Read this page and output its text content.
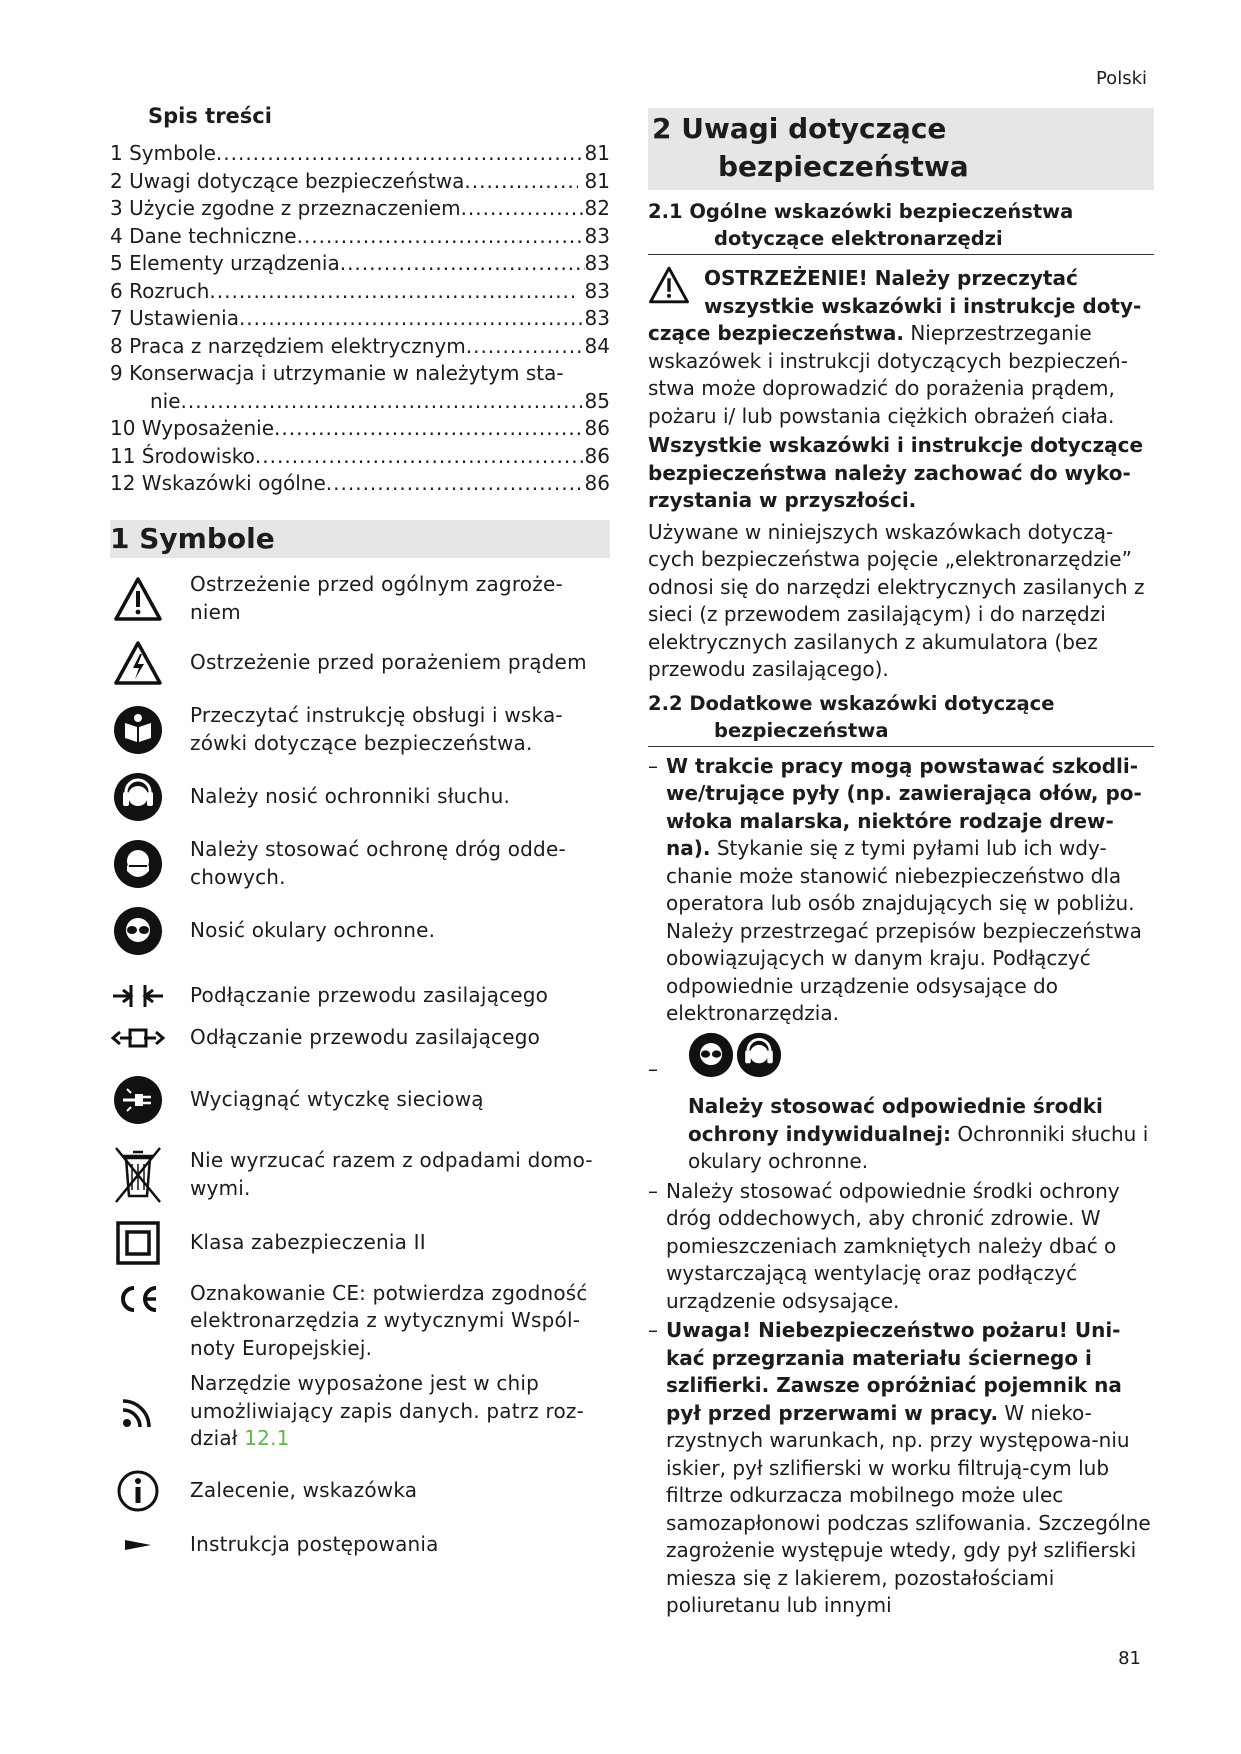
Polski
Spis treści
1 Symbole .....	81
2 Uwagi dotyczące bezpieczeństwa .....	81
3 Użycie zgodne z przeznaczeniem .....	82
4 Dane techniczne .....	83
5 Elementy urządzenia .....	83
6 Rozruch .....	83
7 Ustawienia .....	83
8 Praca z narzędziem elektrycznym .....	84
9 Konserwacja i utrzymanie w należytym sta-
nie .....	85
10 Wyposażenie .....	86
11 Środowisko .....	86
12 Wskazówki ogólne .....	86
1 Symbole
Ostrzeżenie przed ogólnym zagroże-
niem
Ostrzeżenie przed porażeniem prądem
Przeczytać instrukcję obsługi i wska-
zówki dotyczące bezpieczeństwa.
Należy nosić ochronniki słuchu.
Należy stosować ochronę dróg odde-
chowych.
Nosić okulary ochronne.
Podłączanie przewodu zasilającego
Odłączanie przewodu zasilającego
Wyciągnąć wtyczkę sieciową
Nie wyrzucać razem z odpadami domo-
wymi.
Klasa zabezpieczenia II
Oznakowanie CE: potwierdza zgodność
elektronarzędzia z wytycznymi Wspól-
noty Europejskiej.
Narzędzie wyposażone jest w chip
umożliwiający zapis danych. patrz roz-
dział 12.1
Zalecenie, wskazówka
Instrukcja postępowania
2 Uwagi dotyczące
bezpieczeństwa
2.1 Ogólne wskazówki bezpieczeństwa
dotyczące elektronarzędzi
OSTRZEŻENIE! Należy przeczytać
wszystkie wskazówki i instrukcje doty-
czące bezpieczeństwa. Nieprzestrzeganie wskazówek i instrukcji dotyczących bezpieczeń-stwa może doprowadzić do porażenia prądem, pożaru i/ lub powstania ciężkich obrażeń ciała.
Wszystkie wskazówki i instrukcje dotyczące bezpieczeństwa należy zachować do wyko-rzystania w przyszłości.
Używane w niniejszych wskazówkach dotyczą-cych bezpieczeństwa pojęcie „elektronarzędzie” odnosi się do narzędzi elektrycznych zasilanych z sieci (z przewodem zasilającym) i do narzędzi elektrycznych zasilanych z akumulatora (bez przewodu zasilającego).
2.2 Dodatkowe wskazówki dotyczące
bezpieczeństwa
– W trakcie pracy mogą powstawać szkodli-we/trujące pyły (np. zawierająca ołów, po-włoka malarska, niektóre rodzaje drew-na). Stykanie się z tymi pyłami lub ich wdy-chanie może stanowić niebezpieczeństwo dla operatora lub osób znajdujących się w pobliżu. Należy przestrzegać przepisów bezpieczeństwa obowiązujących w danym kraju. Podłączyć odpowiednie urządzenie odsysające do elektronarzędzia.
–
Należy stosować odpowiednie środki ochrony indywidualnej: Ochronniki słuchu i okulary ochronne.
– Należy stosować odpowiednie środki ochrony dróg oddechowych, aby chronić zdrowie. W pomieszczeniach zamkniętych należy dbać o wystarczającą wentylację oraz podłączyć urządzenie odsysające.
– Uwaga! Niebezpieczeństwo pożaru! Uni-kać przegrzania materiału ściernego i szlifierki. Zawsze opróżniać pojemnik na pył przed przerwami w pracy. W nieko-rzystnych warunkach, np. przy występowa-niu iskier, pył szlifierski w worku filtrują-cym lub filtrze odkurzacza mobilnego może ulec samozapłonowi podczas szlifowania. Szczególne zagrożenie występuje wtedy, gdy pył szlifierski miesza się z lakierem, pozostałościami poliuretanu lub innymi
81
